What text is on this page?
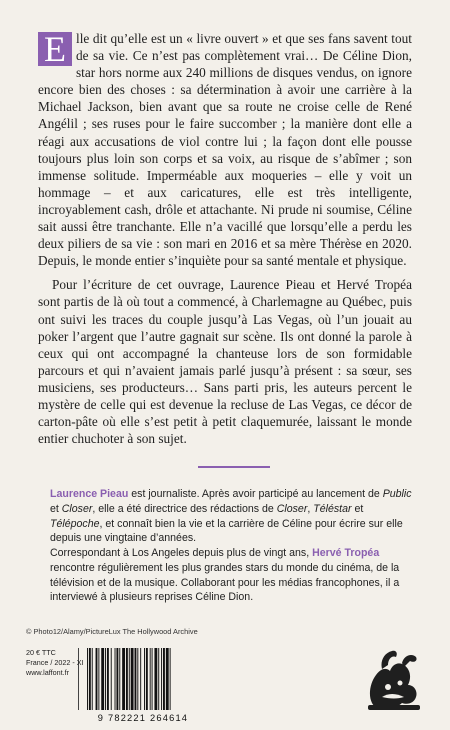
E lle dit qu’elle est un « livre ouvert » et que ses fans savent tout de sa vie. Ce n’est pas complètement vrai… De Céline Dion, star hors norme aux 240 millions de disques vendus, on ignore encore bien des choses : sa détermination à avoir une carrière à la Michael Jackson, bien avant que sa route ne croise celle de René Angélil ; ses ruses pour le faire succomber ; la manière dont elle a réagi aux accusations de viol contre lui ; la façon dont elle pousse toujours plus loin son corps et sa voix, au risque de s’abîmer ; son immense solitude. Imperméable aux moqueries – elle y voit un hommage – et aux caricatures, elle est très intelligente, incroyablement cash, drôle et attachante. Ni prude ni soumise, Céline sait aussi être tranchante. Elle n’a vacillé que lorsqu’elle a perdu les deux piliers de sa vie : son mari en 2016 et sa mère Thérèse en 2020. Depuis, le monde entier s’inquiète pour sa santé mentale et physique.

Pour l’écriture de cet ouvrage, Laurence Pieau et Hervé Tropéa sont partis de là où tout a commencé, à Charlemagne au Québec, puis ont suivi les traces du couple jusqu’à Las Vegas, où l’un jouait au poker l’argent que l’autre gagnait sur scène. Ils ont donné la parole à ceux qui ont accompagné la chanteuse lors de son formidable parcours et qui n’avaient jamais parlé jusqu’à présent : sa sœur, ses musiciens, ses producteurs… Sans parti pris, les auteurs percent le mystère de celle qui est devenue la recluse de Las Vegas, ce décor de carton-pâte où elle s’est petit à petit claquemurée, laissant le monde entier chuchoter à son sujet.

Laurence Pieau est journaliste. Après avoir participé au lancement de Public et Closer, elle a été directrice des rédactions de Closer, Téléstar et Télépoche, et connaît bien la vie et la carrière de Céline pour écrire sur elle depuis une vingtaine d’années.

Correspondant à Los Angeles depuis plus de vingt ans, Hervé Tropéa rencontre régulièrement les plus grandes stars du monde du cinéma, de la télévision et de la musique. Collaborant pour les médias francophones, il a interviewé à plusieurs reprises Céline Dion.

© Photo12/Alamy/PictureLux The Hollywood Archive
20 € TTC
France / 2022 - XI
www.laffont.fr
9 782221 264614
